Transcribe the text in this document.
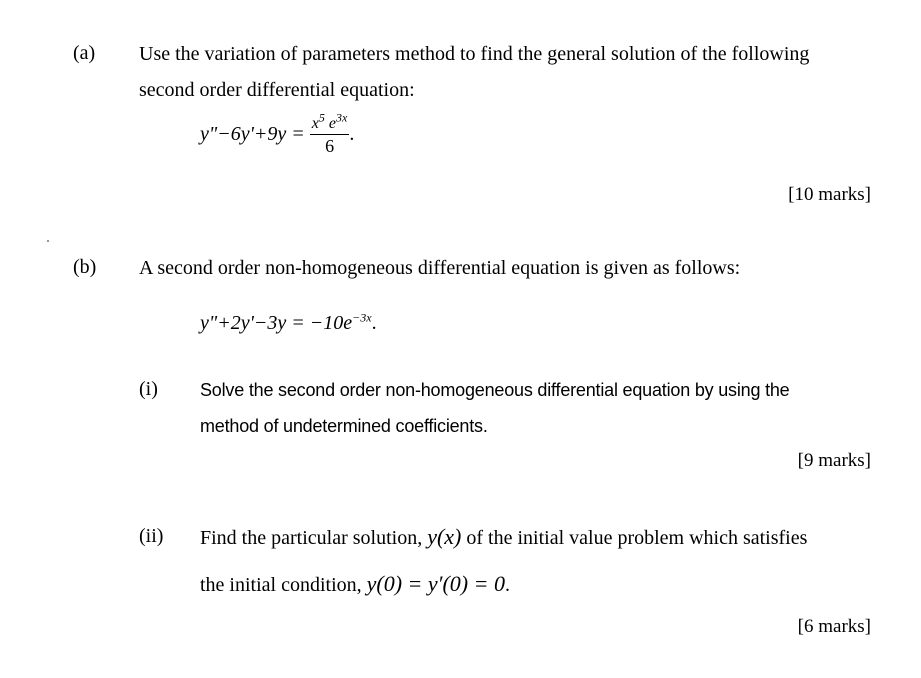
(a) Use the variation of parameters method to find the general solution of the following
second order differential equation:
y"−6y'+9y = $\frac{x^5 e^{3x}}{6}$ .
[10 marks]
(b) A second order non-homogeneous differential equation is given as follows:
y"+2y'−3y = $-10e^{-3x}$.
(i) Solve the second order non-homogeneous differential equation by using the
method of undetermined coefficients.
[9 marks]
(ii) Find the particular solution, y(x) of the initial value problem which satisfies
the initial condition, y(0) = y′(0) = 0.
[6 marks]
